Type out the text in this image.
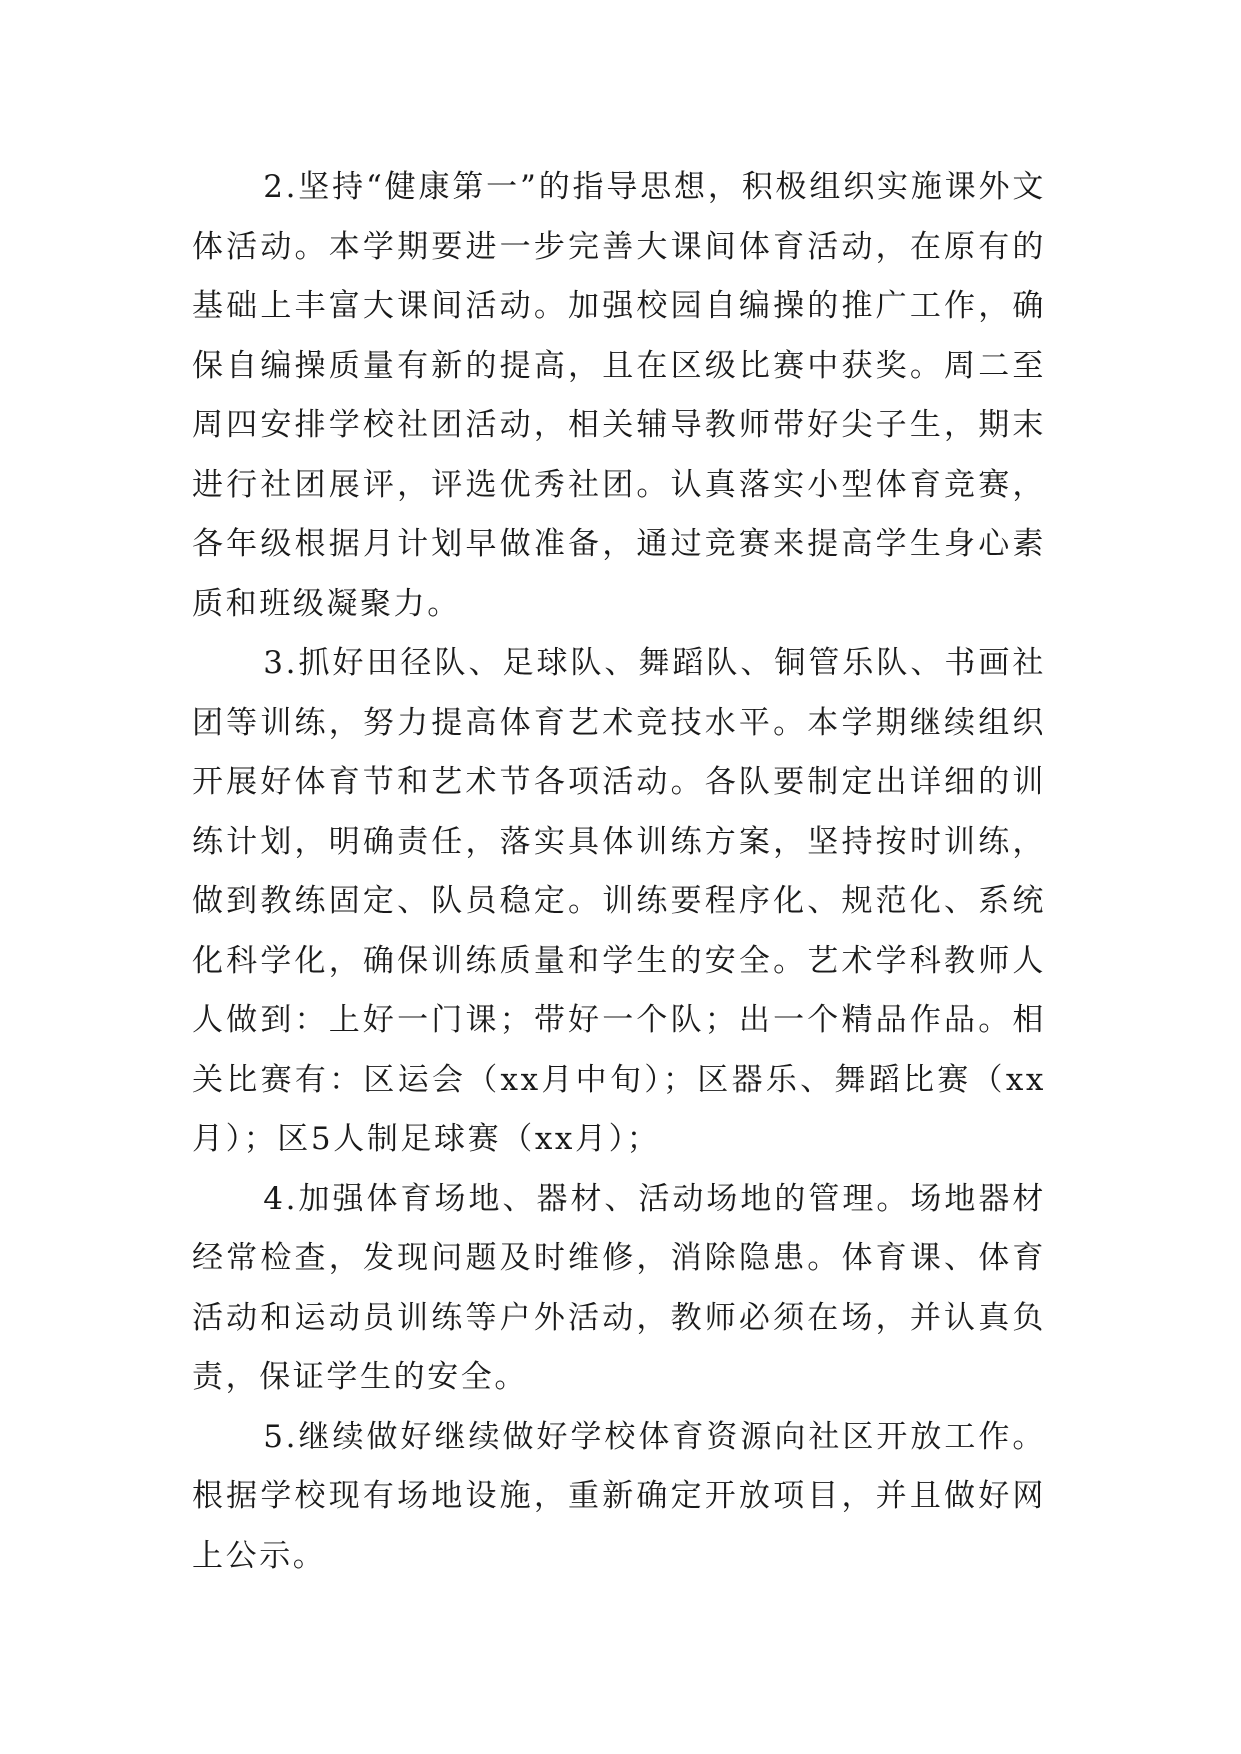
2.坚持“健康第一”的指导思想，积极组织实施课外文体活动。本学期要进一步完善大课间体育活动，在原有的基础上丰富大课间活动。加强校园自编操的推广工作，确保自编操质量有新的提高，且在区级比赛中获奖。周二至周四安排学校社团活动，相关辅导教师带好尖子生，期末进行社团展评，评选优秀社团。认真落实小型体育竞赛，各年级根据月计划早做准备，通过竞赛来提高学生身心素质和班级凝聚力。

3.抓好田径队、足球队、舞蹈队、铜管乐队、书画社团等训练，努力提高体育艺术竞技水平。本学期继续组织开展好体育节和艺术节各项活动。各队要制定出详细的训练计划，明确责任，落实具体训练方案，坚持按时训练，做到教练固定、队员稳定。训练要程序化、规范化、系统化科学化，确保训练质量和学生的安全。艺术学科教师人人做到：上好一门课；带好一个队；出一个精品作品。相关比赛有：区运会（xx月中旬）；区器乐、舞蹈比赛（xx月）；区5人制足球赛（xx月）；

4.加强体育场地、器材、活动场地的管理。场地器材经常检查，发现问题及时维修，消除隐患。体育课、体育活动和运动员训练等户外活动，教师必须在场，并认真负责，保证学生的安全。

5.继续做好继续做好学校体育资源向社区开放工作。根据学校现有场地设施，重新确定开放项目，并且做好网上公示。
